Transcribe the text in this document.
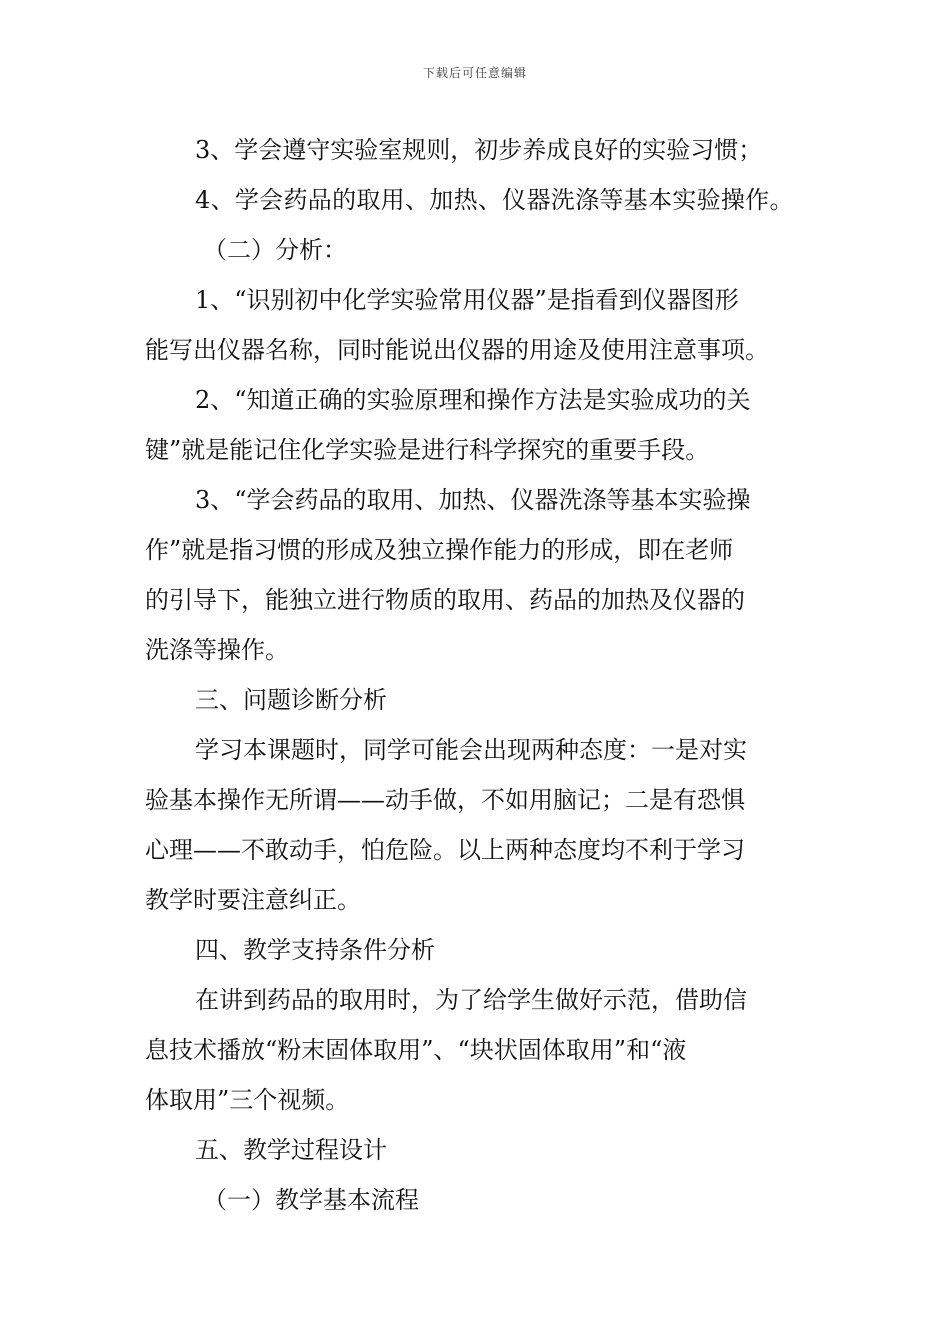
下载后可任意编辑
3、学会遵守实验室规则，初步养成良好的实验习惯；
4、学会药品的取用、加热、仪器洗涤等基本实验操作。
（二）分析：
1、“识别初中化学实验常用仪器”是指看到仪器图形
能写出仪器名称，同时能说出仪器的用途及使用注意事项。
2、“知道正确的实验原理和操作方法是实验成功的关
键”就是能记住化学实验是进行科学探究的重要手段。
3、“学会药品的取用、加热、仪器洗涤等基本实验操
作”就是指习惯的形成及独立操作能力的形成，即在老师
的引导下，能独立进行物质的取用、药品的加热及仪器的
洗涤等操作。
三、问题诊断分析
学习本课题时，同学可能会出现两种态度：一是对实
验基本操作无所谓——动手做，不如用脑记；二是有恐惧
心理——不敢动手，怕危险。以上两种态度均不利于学习
教学时要注意纠正。
四、教学支持条件分析
在讲到药品的取用时，为了给学生做好示范，借助信
息技术播放“粉末固体取用”、“块状固体取用”和“液
体取用”三个视频。
五、教学过程设计
（一）教学基本流程
